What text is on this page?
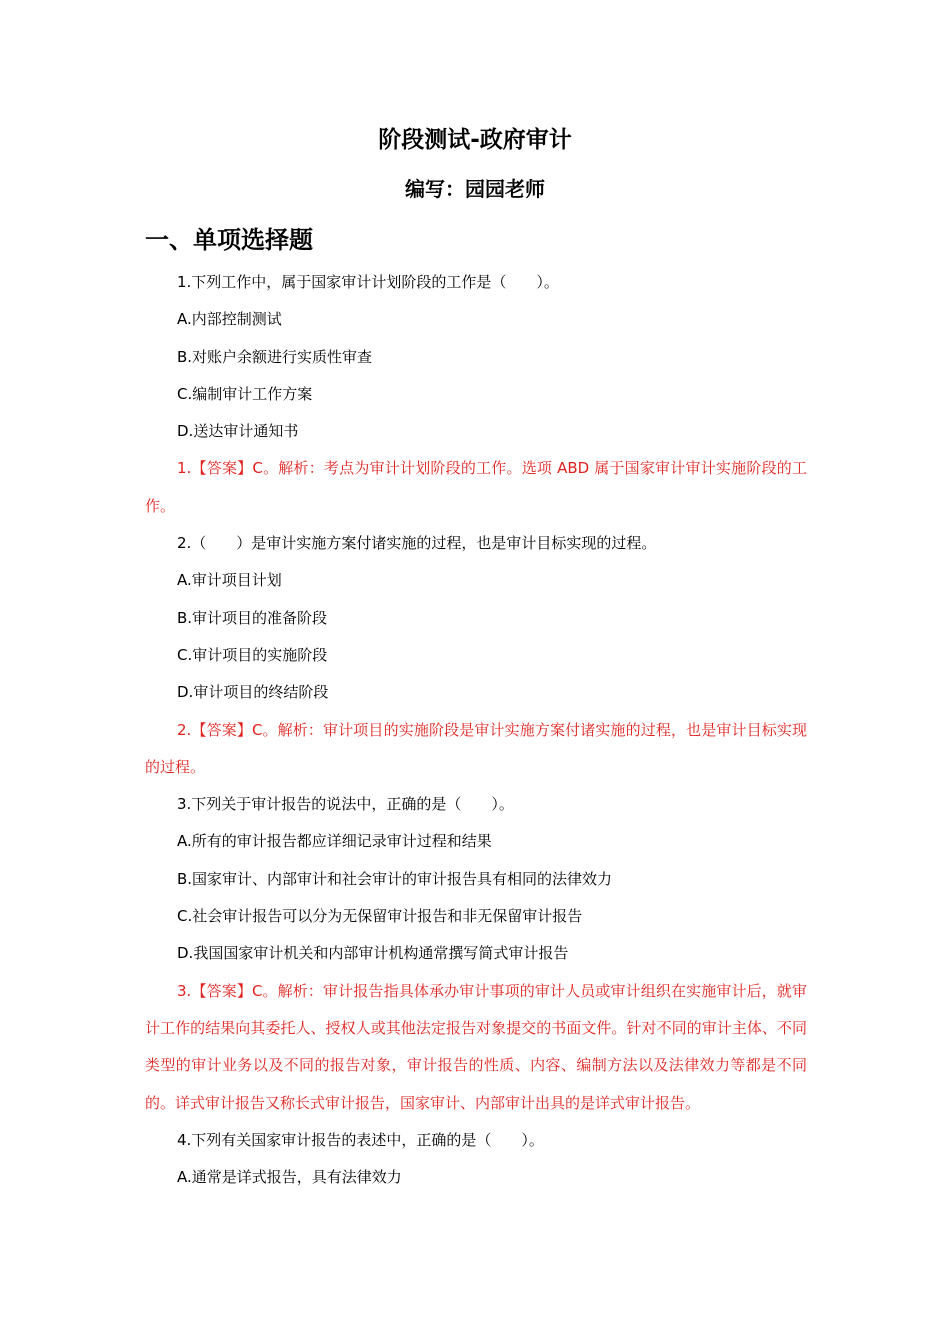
阶段测试-政府审计
编写：园园老师
一、单项选择题
1.下列工作中，属于国家审计计划阶段的工作是（　　）。
A.内部控制测试
B.对账户余额进行实质性审查
C.编制审计工作方案
D.送达审计通知书
1.【答案】C。解析：考点为审计计划阶段的工作。选项 ABD 属于国家审计审计实施阶段的工作。
2.（　　）是审计实施方案付诸实施的过程，也是审计目标实现的过程。
A.审计项目计划
B.审计项目的准备阶段
C.审计项目的实施阶段
D.审计项目的终结阶段
2.【答案】C。解析：审计项目的实施阶段是审计实施方案付诸实施的过程，也是审计目标实现的过程。
3.下列关于审计报告的说法中，正确的是（　　）。
A.所有的审计报告都应详细记录审计过程和结果
B.国家审计、内部审计和社会审计的审计报告具有相同的法律效力
C.社会审计报告可以分为无保留审计报告和非无保留审计报告
D.我国国家审计机关和内部审计机构通常撰写简式审计报告
3.【答案】C。解析：审计报告指具体承办审计事项的审计人员或审计组织在实施审计后，就审计工作的结果向其委托人、授权人或其他法定报告对象提交的书面文件。针对不同的审计主体、不同类型的审计业务以及不同的报告对象，审计报告的性质、内容、编制方法以及法律效力等都是不同的。详式审计报告又称长式审计报告，国家审计、内部审计出具的是详式审计报告。
4.下列有关国家审计报告的表述中，正确的是（　　）。
A.通常是详式报告，具有法律效力
